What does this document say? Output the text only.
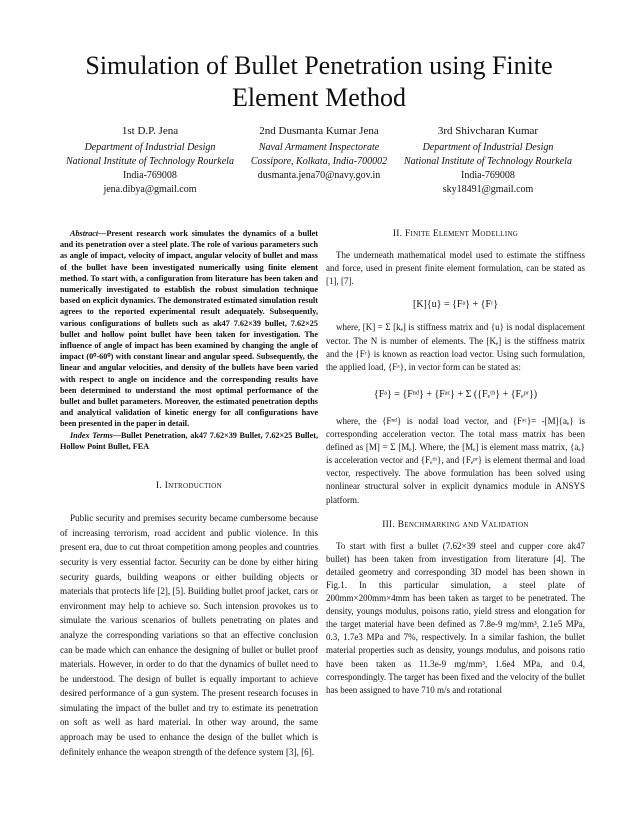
Simulation of Bullet Penetration using Finite Element Method
1st D.P. Jena
Department of Industrial Design
National Institute of Technology Rourkela
India-769008
jena.dibya@gmail.com
2nd Dusmanta Kumar Jena
Naval Armament Inspectorate
Cossipore, Kolkata, India-700002
dusmanta.jena70@navy.gov.in
3rd Shivcharan Kumar
Department of Industrial Design
National Institute of Technology Rourkela
India-769008
sky18491@gmail.com

Abstract—Present research work simulates the dynamics of a bullet and its penetration over a steel plate. The role of various parameters such as angle of impact, velocity of impact, angular velocity of bullet and mass of the bullet have been investigated numerically using finite element method. To start with, a configuration from literature has been taken and numerically investigated to establish the robust simulation technique based on explicit dynamics. The demonstrated estimated simulation result agrees to the reported experimental result adequately. Subsequently, various configurations of bullets such as ak47 7.62×39 bullet, 7.62×25 bullet and hollow point bullet have been taken for investigation. The influence of angle of impact has been examined by changing the angle of impact (0⁰-60⁰) with constant linear and angular speed. Subsequently, the linear and angular velocities, and density of the bullets have been varied with respect to angle on incidence and the corresponding results have been determined to understand the most optimal performance of the bullet and bullet parameters. Moreover, the estimated penetration depths and analytical validation of kinetic energy for all configurations have been presented in the paper in detail.

Index Terms—Bullet Penetration, ak47 7.62×39 Bullet, 7.62×25 Bullet, Hollow Point Bullet, FEA

I. Introduction

Public security and premises security became cumbersome because of increasing terrorism, road accident and public violence. In this present era, due to cut throat competition among peoples and countries security is very essential factor. Security can be done by either hiring security guards, building weapons or either building objects or materials that protects life [2], [5]. Building bullet proof jacket, cars or environment may help to achieve so. Such intension provokes us to simulate the various scenarios of bullets penetrating on plates and analyze the corresponding variations so that an effective conclusion can be made which can enhance the designing of bullet or bullet proof materials. However, in order to do that the dynamics of bullet need to be understood. The design of bullet is equally important to achieve desired performance of a gun system. The present research focuses in simulating the impact of the bullet and try to estimate its penetration on soft as well as hard material. In other way around, the same approach may be used to enhance the design of the bullet which is definitely enhance the weapon strength of the defence system [3], [6].

II. Finite Element Modelling

The underneath mathematical model used to estimate the stiffness and force, used in present finite element formulation, can be stated as [1], [7].

[K]{u} = {Fᵃ} + {Fʳ}

where, [K] = Σ [kₑ] is stiffness matrix and {u} is nodal displacement vector. The N is number of elements. The [Kₑ] is the stiffness matrix and the {Fʳ} is known as reaction load vector. Using such formulation, the applied load, {Fᵃ}, in vector form can be stated as:

{Fᵃ} = {Fⁿᵈ} + {Fᵃᶜ} + Σ ({Fₑᵗʰ} + {Fₑᵖʳ})

where, the {Fⁿᵈ} is nodal load vector, and {Fᵃᶜ}= -[M]{aₑ} is corresponding acceleration vector. The total mass matrix has been defined as [M] = Σ [Mₑ]. Where, the [Mₑ] is element mass matrix, {aₑ} is acceleration vector and {Fₑᵗʰ}, and {Fₑᵖʳ} is element thermal and load vector, respectively. The above formulation has been solved using nonlinear structural solver in explicit dynamics module in ANSYS platform.

III. Benchmarking and Validation

To start with first a bullet (7.62×39 steel and cupper core ak47 bullet) has been taken from investigation from literature [4]. The detailed geometry and corresponding 3D model has been shown in Fig.1. In this particular simulation, a steel plate of 200mm×200mm×4mm has been taken as target to be penetrated. The density, youngs modulus, poisons ratio, yield stress and elongation for the target material have been defined as 7.8e-9 mg/mm³, 2.1e5 MPa, 0.3, 1.7e3 MPa and 7%, respectively. In a similar fashion, the bullet material properties such as density, youngs modulus, and poisons ratio have been taken as 11.3e-9 mg/mm³, 1.6e4 MPa, and 0.4, correspondingly. The target has been fixed and the velocity of the bullet has been assigned to have 710 m/s and rotational
